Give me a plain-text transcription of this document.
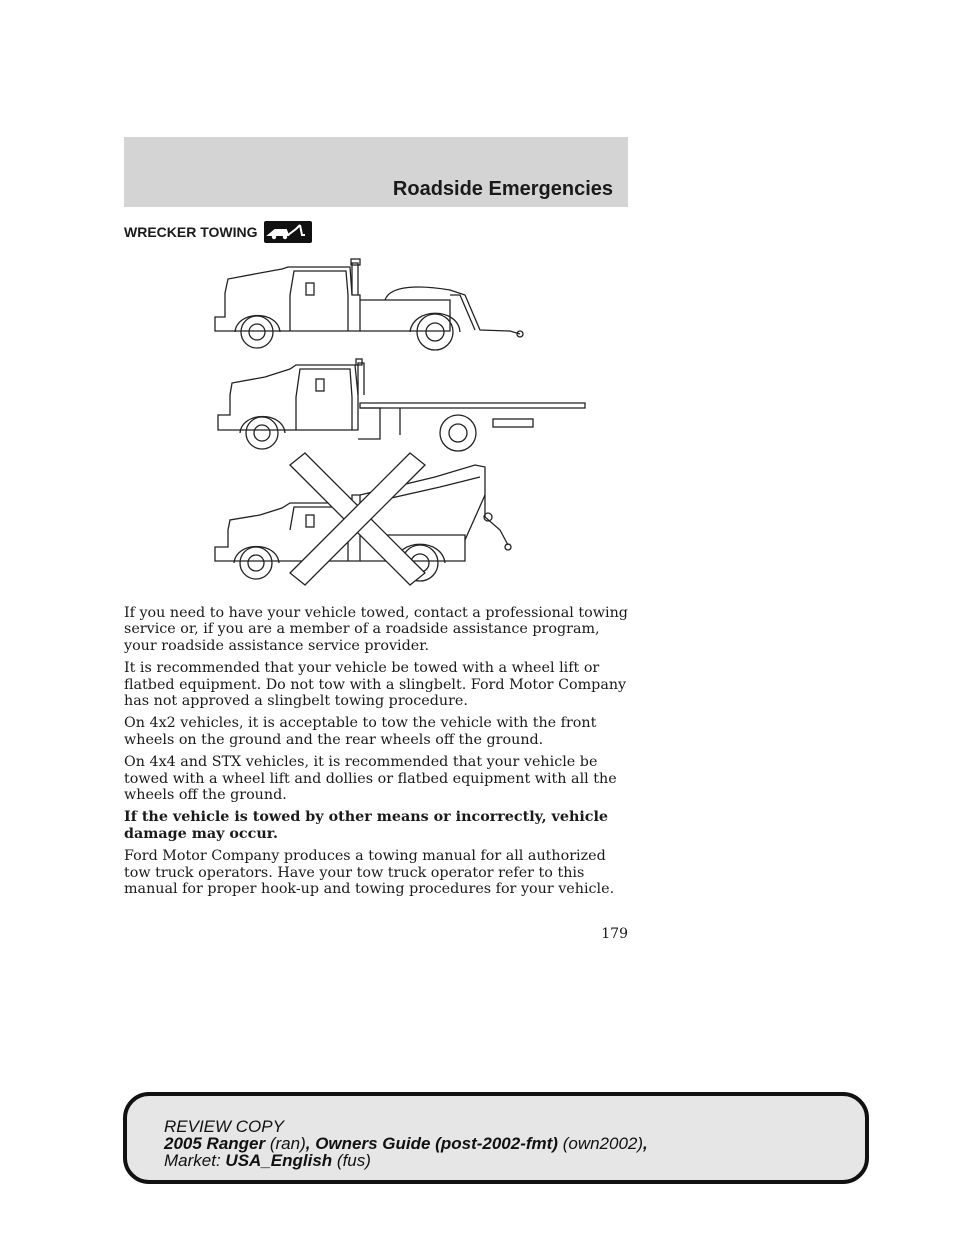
Roadside Emergencies
WRECKER TOWING

If you need to have your vehicle towed, contact a professional towing service or, if you are a member of a roadside assistance program, your roadside assistance service provider.

It is recommended that your vehicle be towed with a wheel lift or flatbed equipment. Do not tow with a slingbelt. Ford Motor Company has not approved a slingbelt towing procedure.

On 4x2 vehicles, it is acceptable to tow the vehicle with the front wheels on the ground and the rear wheels off the ground.

On 4x4 and STX vehicles, it is recommended that your vehicle be towed with a wheel lift and dollies or flatbed equipment with all the wheels off the ground.

If the vehicle is towed by other means or incorrectly, vehicle damage may occur.

Ford Motor Company produces a towing manual for all authorized tow truck operators. Have your tow truck operator refer to this manual for proper hook-up and towing procedures for your vehicle.

179
REVIEW COPY
2005 Ranger (ran), Owners Guide (post-2002-fmt) (own2002),
Market: USA_English (fus)
